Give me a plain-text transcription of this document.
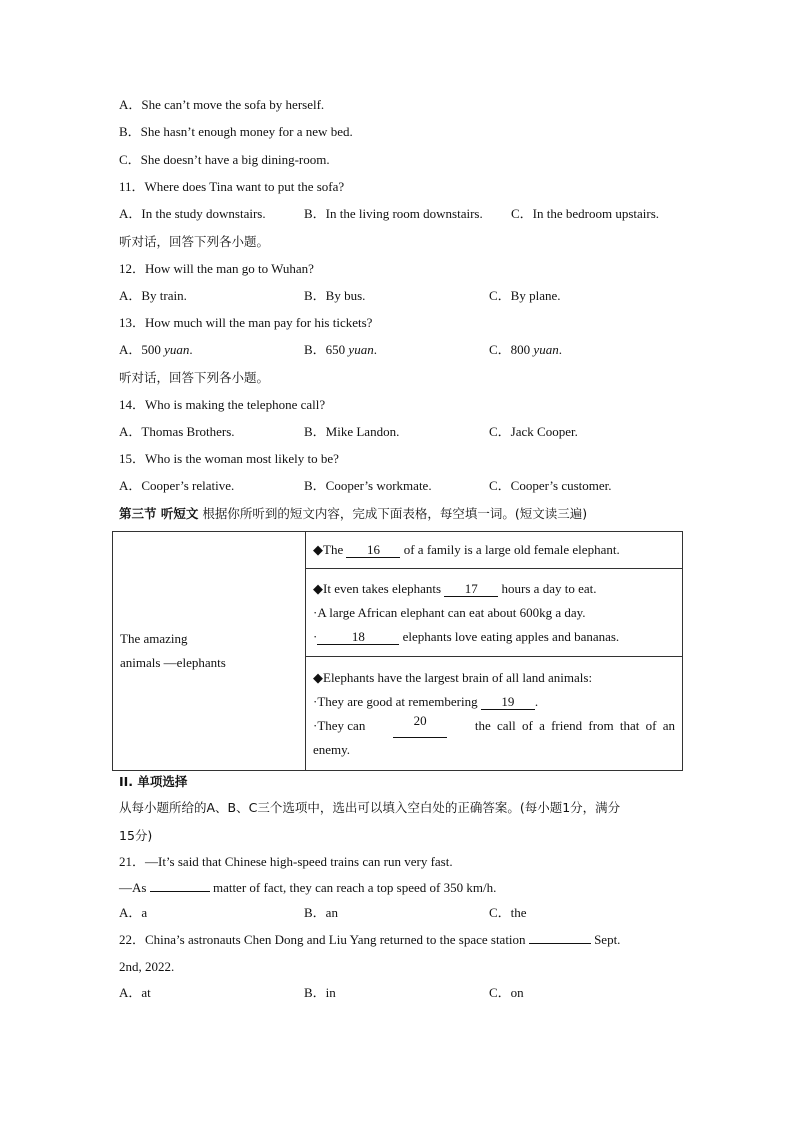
A．She can’t move the sofa by herself.
B．She hasn’t enough money for a new bed.
C．She doesn’t have a big dining-room.
11．Where does Tina want to put the sofa?
A．In the study downstairs.	B．In the living room downstairs. C．In the bedroom upstairs.
听对话，回答下列各小题。
12．How will the man go to Wuhan?
A．By train.	B．By bus.	C．By plane.
13．How much will the man pay for his tickets?
A．500 yuan.	B．650 yuan.	C．800 yuan.
听对话，回答下列各小题。
14．Who is making the telephone call?
A．Thomas Brothers.	B．Mike Landon.	C．Jack Cooper.
15．Who is the woman most likely to be?
A．Cooper’s relative.	B．Cooper’s workmate.	C．Cooper’s customer.
第三节 听短文 根据你所听到的短文内容，完成下面表格，每空填一词。(短文读三遍)
The amazing
animals —elephants
	◆The 16 of a family is a large old female elephant.

◆It even takes elephants 17 hours a day to eat.
·A large African elephant can eat about 600kg a day.
·	18	elephants love eating apples and bananas.

◆Elephants have the largest brain of all land animals:
·They are good at remembering 19 .
·They can	20	the call of a friend from that of an
enemy.
II. 单项选择
从每小题所给的A、B、C三个选项中，选出可以填入空白处的正确答案。(每小题1分，满分
15分)
21．—It’s said that Chinese high-speed trains can run very fast.
—As	matter of fact, they can reach a top speed of 350 km/h.
A．a	B．an	C．the
22．China’s astronauts Chen Dong and Liu Yang returned to the space station	Sept.
2nd, 2022.
A．at	B．in	C．on
